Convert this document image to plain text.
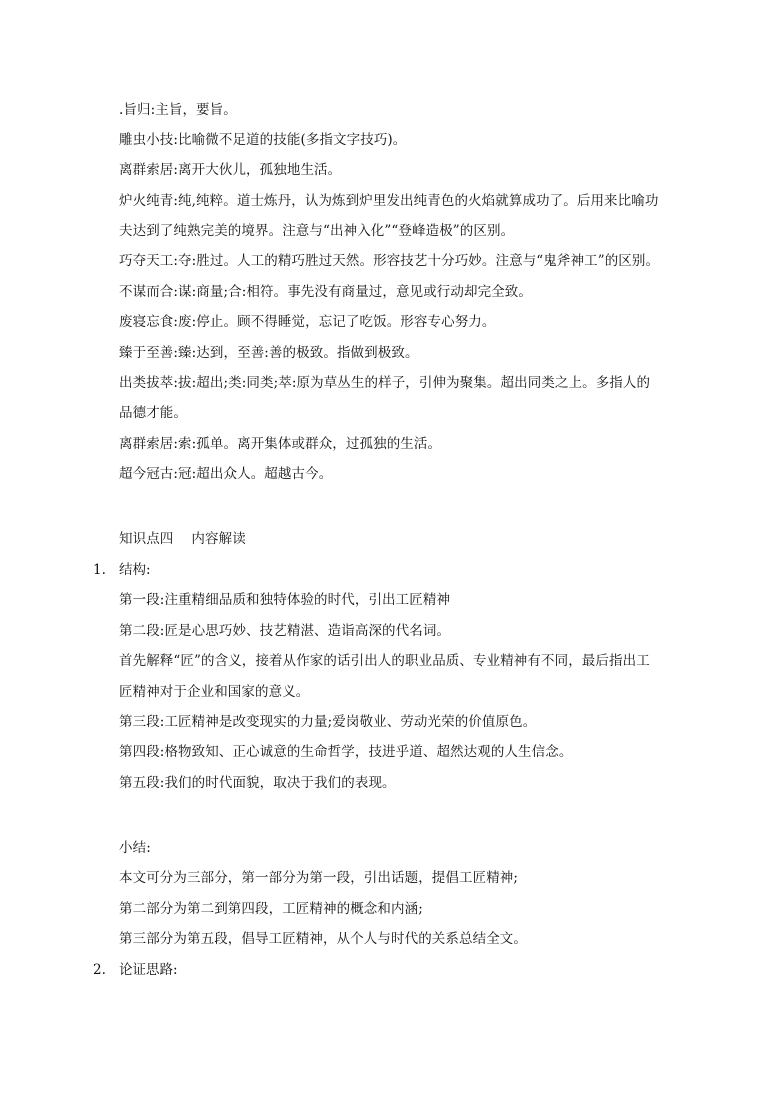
.旨归:主旨，要旨。
雕虫小技:比喻微不足道的技能(多指文字技巧)。
离群索居:离开大伙儿，孤独地生活。
炉火纯青:纯,纯粹。道士炼丹，认为炼到炉里发出纯青色的火焰就算成功了。后用来比喻功
夫达到了纯熟完美的境界。注意与“出神入化”“登峰造极”的区别。
巧夺天工:夺:胜过。人工的精巧胜过天然。形容技艺十分巧妙。注意与“鬼斧神工”的区别。
不谋而合:谋:商量;合:相符。事先没有商量过，意见或行动却完全致。
废寝忘食:废:停止。顾不得睡觉，忘记了吃饭。形容专心努力。
臻于至善:臻:达到，至善:善的极致。指做到极致。
出类拔萃:拔:超出;类:同类;萃:原为草丛生的样子，引伸为聚集。超出同类之上。多指人的
品德才能。
离群索居:索:孤单。离开集体或群众，过孤独的生活。
超今冠古:冠:超出众人。超越古今。
知识点四　 内容解读
1. 结构:
第一段:注重精细品质和独特体验的时代，引出工匠精神
第二段:匠是心思巧妙、技艺精湛、造诣高深的代名词。
首先解释“匠”的含义，接着从作家的话引出人的职业品质、专业精神有不同，最后指出工
匠精神对于企业和国家的意义。
第三段:工匠精神是改变现实的力量;爱岗敬业、劳动光荣的价值原色。
第四段:格物致知、正心诚意的生命哲学，技进乎道、超然达观的人生信念。
第五段:我们的时代面貌，取决于我们的表现。
小结:
本文可分为三部分，第一部分为第一段，引出话题，提倡工匠精神;
第二部分为第二到第四段，工匠精神的概念和内涵;
第三部分为第五段，倡导工匠精神，从个人与时代的关系总结全文。
2. 论证思路:
